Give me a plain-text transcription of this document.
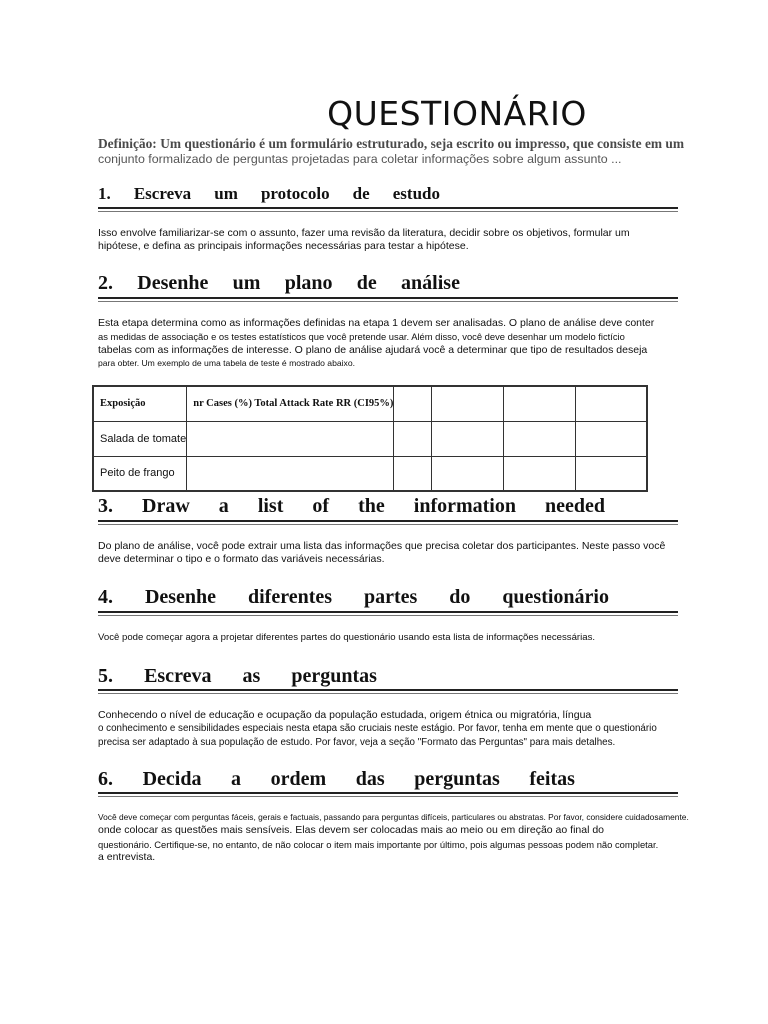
QUESTIONÁRIO
Definição: Um questionário é um formulário estruturado, seja escrito ou impresso, que consiste em um
conjunto formalizado de perguntas projetadas para coletar informações sobre algum assunto ...
1. Escreva um protocolo de estudo
Isso envolve familiarizar-se com o assunto, fazer uma revisão da literatura, decidir sobre os objetivos, formular um
hipótese, e defina as principais informações necessárias para testar a hipótese.
2. Desenhe um plano de análise
Esta etapa determina como as informações definidas na etapa 1 devem ser analisadas. O plano de análise deve conter
as medidas de associação e os testes estatísticos que você pretende usar. Além disso, você deve desenhar um modelo fictício
tabelas com as informações de interesse. O plano de análise ajudará você a determinar que tipo de resultados deseja
para obter. Um exemplo de uma tabela de teste é mostrado abaixo.
Exposição	nr Cases (%) Total Attack Rate RR (CI95%)				
Salada de tomate					
Peito de frango					
3. Draw a list of the information needed
Do plano de análise, você pode extrair uma lista das informações que precisa coletar dos participantes. Neste passo você
deve determinar o tipo e o formato das variáveis necessárias.
4. Desenhe diferentes partes do questionário
Você pode começar agora a projetar diferentes partes do questionário usando esta lista de informações necessárias.
5. Escreva as perguntas
Conhecendo o nível de educação e ocupação da população estudada, origem étnica ou migratória, língua
o conhecimento e sensibilidades especiais nesta etapa são cruciais neste estágio. Por favor, tenha em mente que o questionário
precisa ser adaptado à sua população de estudo. Por favor, veja a seção "Formato das Perguntas" para mais detalhes.
6. Decida a ordem das perguntas feitas
Você deve começar com perguntas fáceis, gerais e factuais, passando para perguntas difíceis, particulares ou abstratas. Por favor, considere cuidadosamente.
onde colocar as questões mais sensíveis. Elas devem ser colocadas mais ao meio ou em direção ao final do
questionário. Certifique-se, no entanto, de não colocar o item mais importante por último, pois algumas pessoas podem não completar.
a entrevista.
